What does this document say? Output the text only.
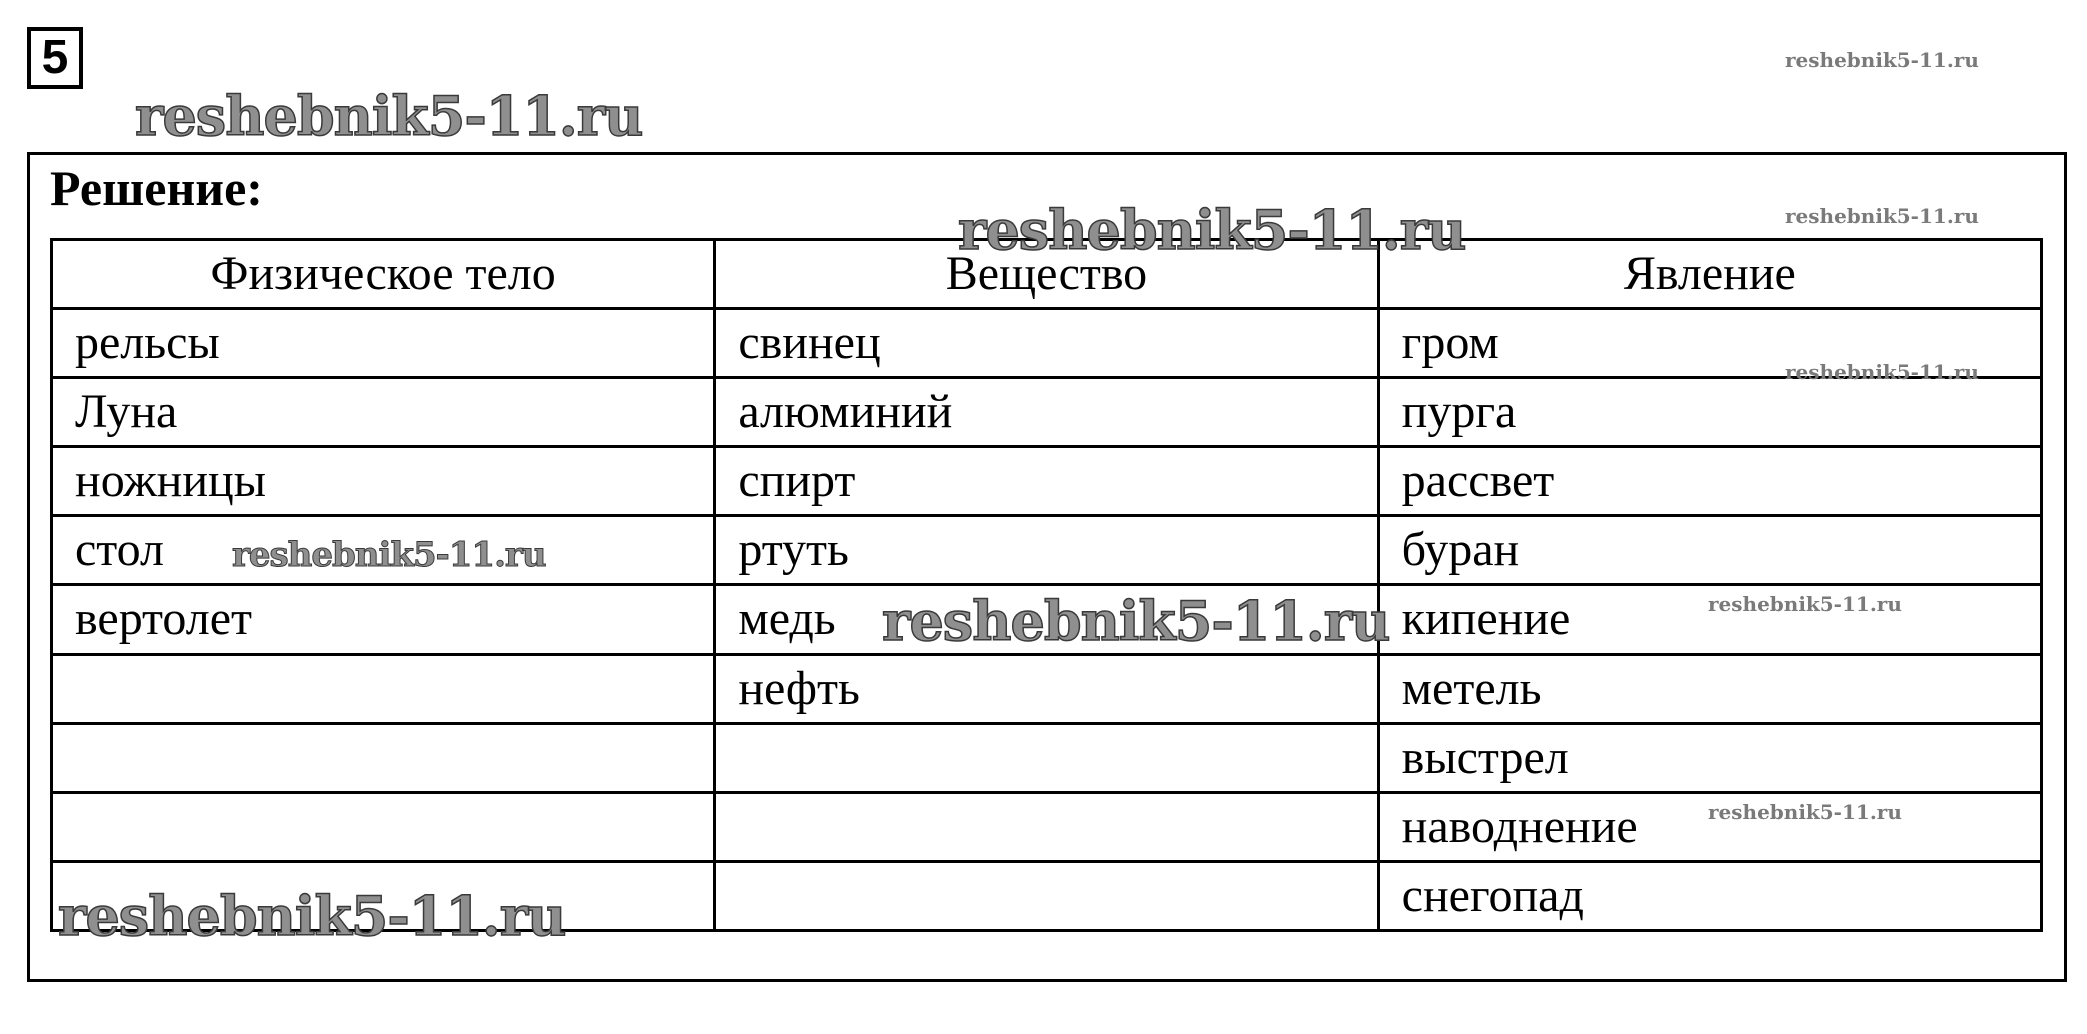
5
Решение:
Физическое тело	Вещество	Явление
рельсы	свинец	гром
Луна	алюминий	пурга
ножницы	спирт	рассвет
стол	ртуть	буран
вертолет	медь	кипение
	нефть	метель
		выстрел
		наводнение
		снегопад
reshebnik5-11.ru
reshebnik5-11.ru
reshebnik5-11.ru	reshebnik5-11.ru
reshebnik5-11.ru
reshebnik5-11.ru
reshebnik5-11.ru	reshebnik5-11.ru
reshebnik5-11.ru
reshebnik5-11.ru
